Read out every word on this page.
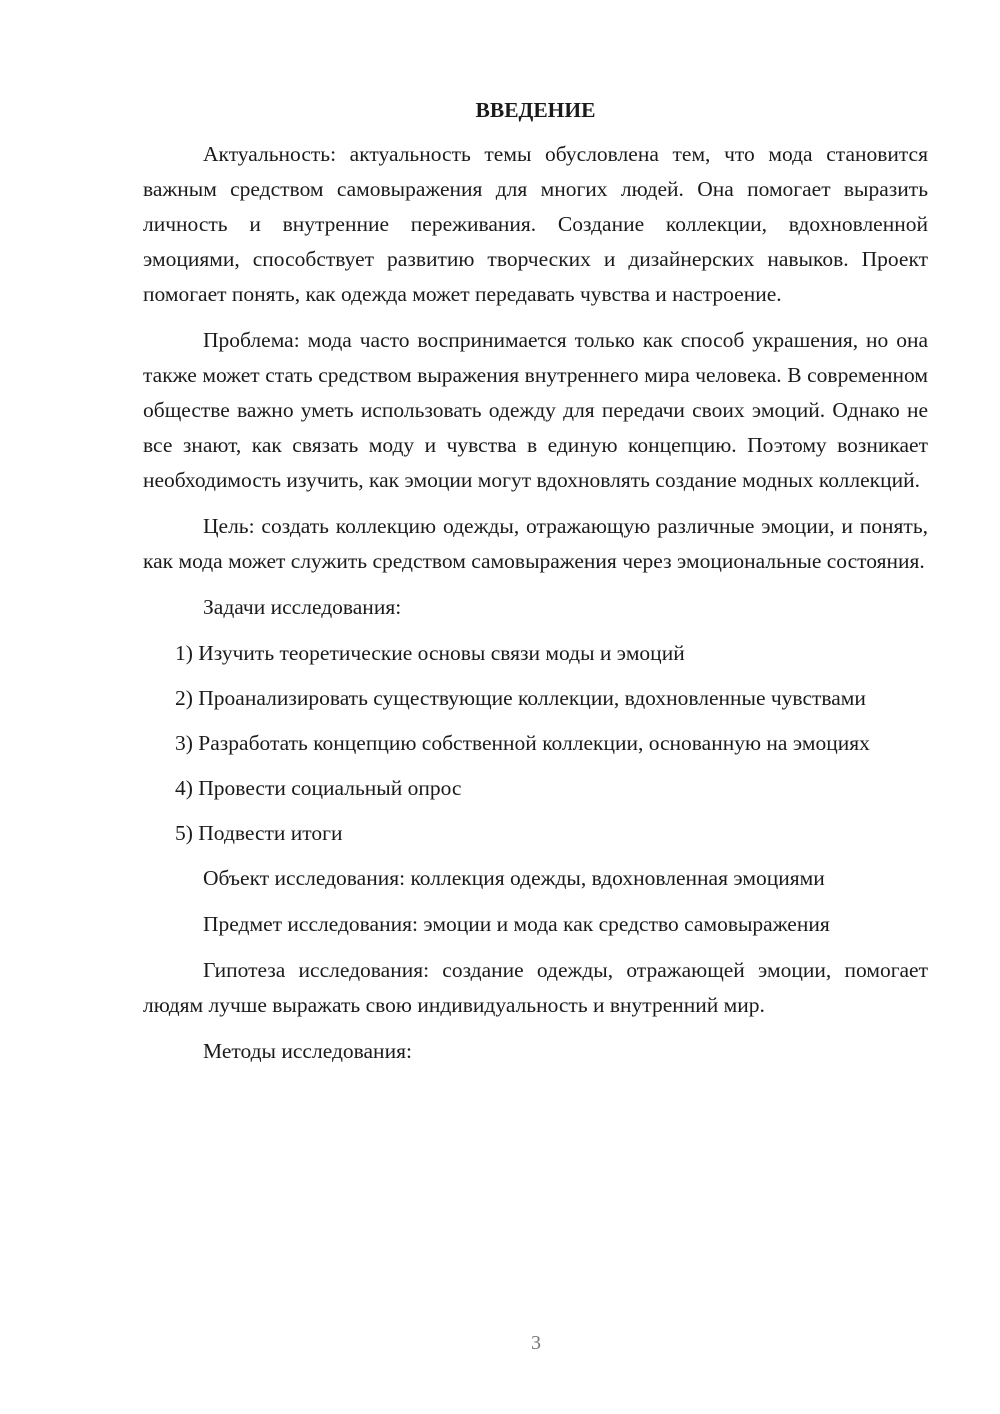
ВВЕДЕНИЕ
Актуальность: актуальность темы обусловлена тем, что мода становится важным средством самовыражения для многих людей. Она помогает выразить личность и внутренние переживания. Создание коллекции, вдохновленной эмоциями, способствует развитию творческих и дизайнерских навыков. Проект помогает понять, как одежда может передавать чувства и настроение.
Проблема: мода часто воспринимается только как способ украшения, но она также может стать средством выражения внутреннего мира человека. В современном обществе важно уметь использовать одежду для передачи своих эмоций. Однако не все знают, как связать моду и чувства в единую концепцию. Поэтому возникает необходимость изучить, как эмоции могут вдохновлять создание модных коллекций.
Цель: создать коллекцию одежды, отражающую различные эмоции, и понять, как мода может служить средством самовыражения через эмоциональные состояния.
Задачи исследования:
1) Изучить теоретические основы связи моды и эмоций
2) Проанализировать существующие коллекции, вдохновленные чувствами
3) Разработать концепцию собственной коллекции, основанную на эмоциях
4) Провести социальный опрос
5) Подвести итоги
Объект исследования: коллекция одежды, вдохновленная эмоциями
Предмет исследования: эмоции и мода как средство самовыражения
Гипотеза исследования: создание одежды, отражающей эмоции, помогает людям лучше выражать свою индивидуальность и внутренний мир.
Методы исследования:
3
